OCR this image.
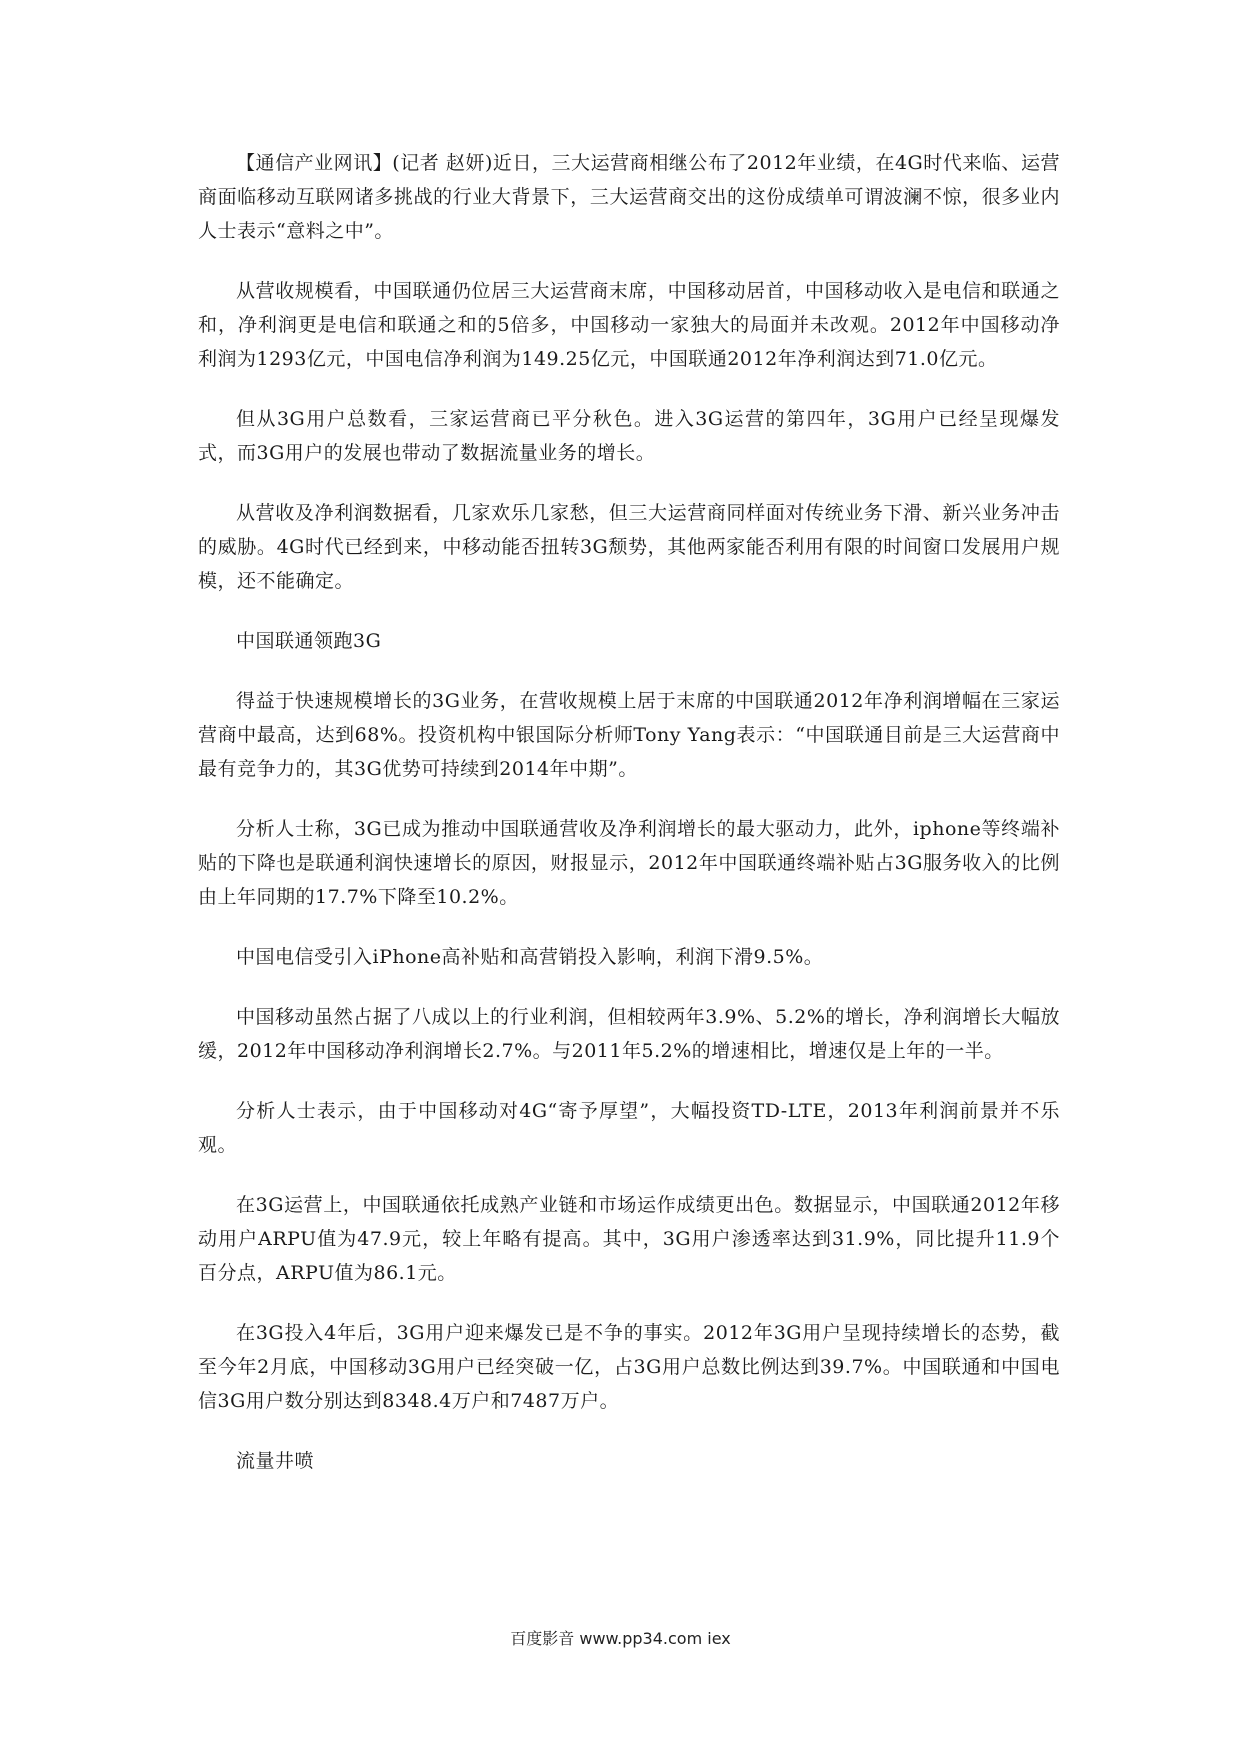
【通信产业网讯】(记者 赵妍)近日，三大运营商相继公布了2012年业绩，在4G时代来临、运营商面临移动互联网诸多挑战的行业大背景下，三大运营商交出的这份成绩单可谓波澜不惊，很多业内人士表示“意料之中”。

从营收规模看，中国联通仍位居三大运营商末席，中国移动居首，中国移动收入是电信和联通之和，净利润更是电信和联通之和的5倍多，中国移动一家独大的局面并未改观。2012年中国移动净利润为1293亿元，中国电信净利润为149.25亿元，中国联通2012年净利润达到71.0亿元。

但从3G用户总数看，三家运营商已平分秋色。进入3G运营的第四年，3G用户已经呈现爆发式，而3G用户的发展也带动了数据流量业务的增长。

从营收及净利润数据看，几家欢乐几家愁，但三大运营商同样面对传统业务下滑、新兴业务冲击的威胁。4G时代已经到来，中移动能否扭转3G颓势，其他两家能否利用有限的时间窗口发展用户规模，还不能确定。

中国联通领跑3G

得益于快速规模增长的3G业务，在营收规模上居于末席的中国联通2012年净利润增幅在三家运营商中最高，达到68%。投资机构中银国际分析师Tony Yang表示：“中国联通目前是三大运营商中最有竞争力的，其3G优势可持续到2014年中期”。

分析人士称，3G已成为推动中国联通营收及净利润增长的最大驱动力，此外，iphone等终端补贴的下降也是联通利润快速增长的原因，财报显示，2012年中国联通终端补贴占3G服务收入的比例由上年同期的17.7%下降至10.2%。

中国电信受引入iPhone高补贴和高营销投入影响，利润下滑9.5%。

中国移动虽然占据了八成以上的行业利润，但相较两年3.9%、5.2%的增长，净利润增长大幅放缓，2012年中国移动净利润增长2.7%。与2011年5.2%的增速相比，增速仅是上年的一半。

分析人士表示，由于中国移动对4G“寄予厚望”，大幅投资TD-LTE，2013年利润前景并不乐观。

在3G运营上，中国联通依托成熟产业链和市场运作成绩更出色。数据显示，中国联通2012年移动用户ARPU值为47.9元，较上年略有提高。其中，3G用户渗透率达到31.9%，同比提升11.9个百分点，ARPU值为86.1元。

在3G投入4年后，3G用户迎来爆发已是不争的事实。2012年3G用户呈现持续增长的态势，截至今年2月底，中国移动3G用户已经突破一亿，占3G用户总数比例达到39.7%。中国联通和中国电信3G用户数分别达到8348.4万户和7487万户。

流量井喷

百度影音 www.pp34.com iex
